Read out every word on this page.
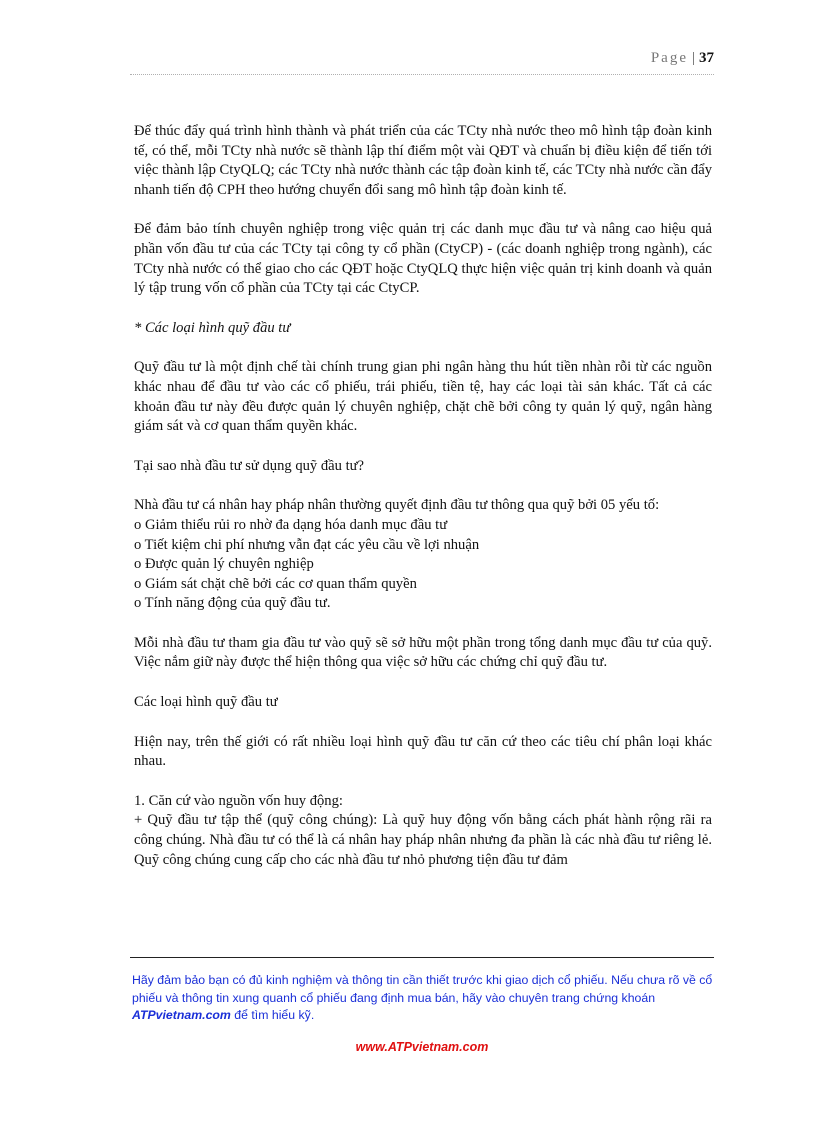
Page | 37

Để thúc đẩy quá trình hình thành và phát triển của các TCty nhà nước theo mô hình tập đoàn kinh tế, có thể, mỗi TCty nhà nước sẽ thành lập thí điểm một vài QĐT và chuẩn bị điều kiện để tiến tới việc thành lập CtyQLQ; các TCty nhà nước thành các tập đoàn kinh tế, các TCty nhà nước cần đẩy nhanh tiến độ CPH theo hướng chuyển đổi sang mô hình tập đoàn kinh tế.

Để đảm bảo tính chuyên nghiệp trong việc quản trị các danh mục đầu tư và nâng cao hiệu quả phần vốn đầu tư của các TCty tại công ty cổ phần (CtyCP) - (các doanh nghiệp trong ngành), các TCty nhà nước có thể giao cho các QĐT hoặc CtyQLQ thực hiện việc quản trị kinh doanh và quản lý tập trung vốn cổ phần của TCty tại các CtyCP.

* Các loại hình quỹ đầu tư

Quỹ đầu tư là một định chế tài chính trung gian phi ngân hàng thu hút tiền nhàn rỗi từ các nguồn khác nhau để đầu tư vào các cổ phiếu, trái phiếu, tiền tệ, hay các loại tài sản khác. Tất cả các khoản đầu tư này đều được quản lý chuyên nghiệp, chặt chẽ bởi công ty quản lý quỹ, ngân hàng giám sát và cơ quan thẩm quyền khác.

Tại sao nhà đầu tư sử dụng quỹ đầu tư?

Nhà đầu tư cá nhân hay pháp nhân thường quyết định đầu tư thông qua quỹ bởi 05 yếu tố:

o Giảm thiểu rủi ro nhờ đa dạng hóa danh mục đầu tư

o Tiết kiệm chi phí nhưng vẫn đạt các yêu cầu về lợi nhuận

o Được quản lý chuyên nghiệp

o Giám sát chặt chẽ bởi các cơ quan thẩm quyền

o Tính năng động của quỹ đầu tư.

Mỗi nhà đầu tư tham gia đầu tư vào quỹ sẽ sở hữu một phần trong tổng danh mục đầu tư của quỹ. Việc nắm giữ này được thể hiện thông qua việc sở hữu các chứng chỉ quỹ đầu tư.

Các loại hình quỹ đầu tư

Hiện nay, trên thế giới có rất nhiều loại hình quỹ đầu tư căn cứ theo các tiêu chí phân loại khác nhau.

1. Căn cứ vào nguồn vốn huy động:

+ Quỹ đầu tư tập thể (quỹ công chúng): Là quỹ huy động vốn bằng cách phát hành rộng rãi ra công chúng. Nhà đầu tư có thể là cá nhân hay pháp nhân nhưng đa phần là các nhà đầu tư riêng lẻ. Quỹ công chúng cung cấp cho các nhà đầu tư nhỏ phương tiện đầu tư đảm

Hãy đảm bảo bạn có đủ kinh nghiệm và thông tin cần thiết trước khi giao dịch cổ phiếu. Nếu chưa rõ về cổ phiếu và thông tin xung quanh cổ phiếu đang định mua bán, hãy vào chuyên trang chứng khoán ATPvietnam.com để tìm hiểu kỹ.
www.ATPvietnam.com
